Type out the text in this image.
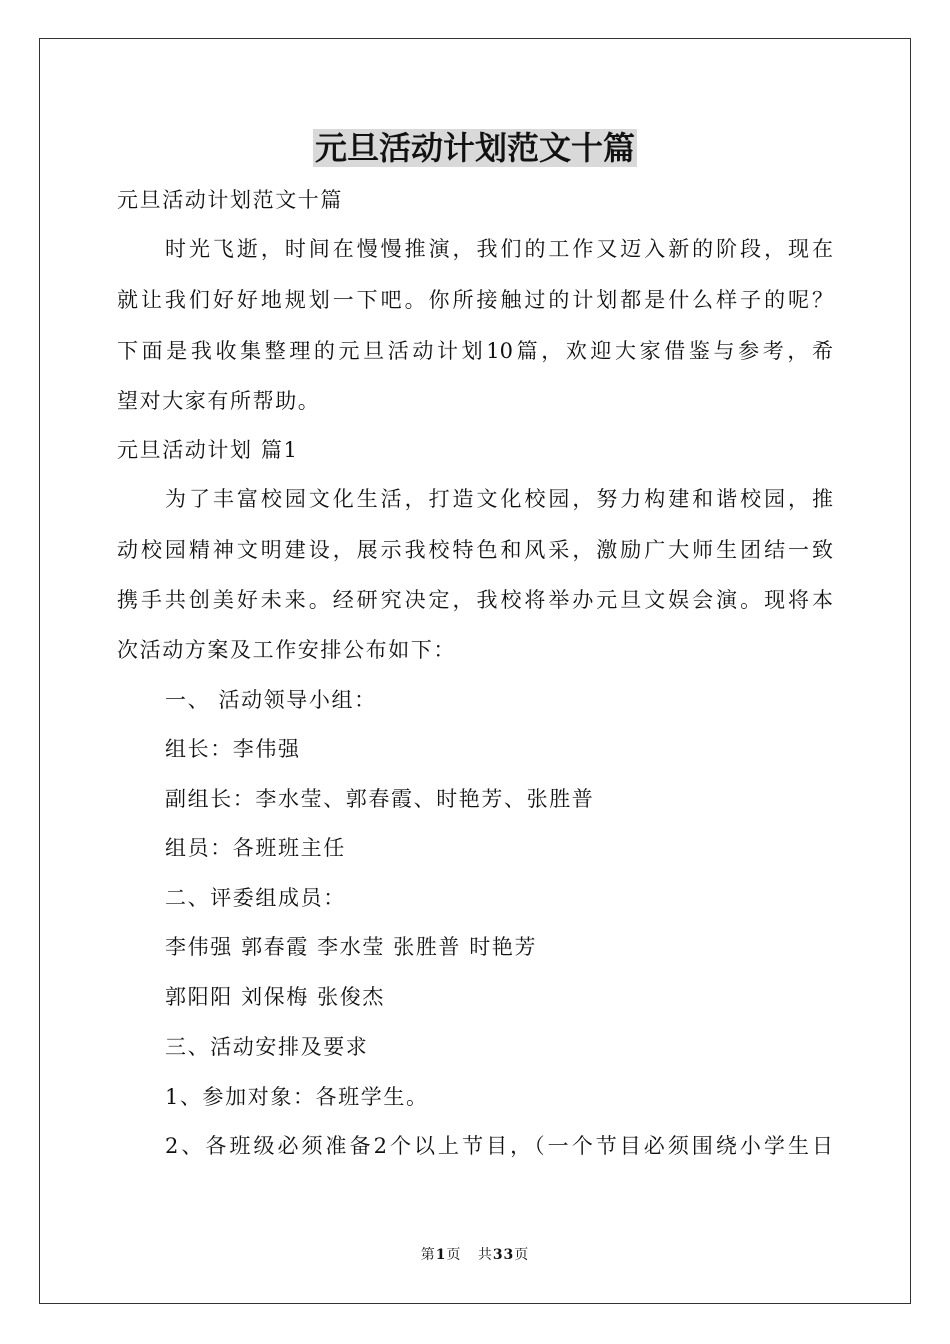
元旦活动计划范文十篇
元旦活动计划范文十篇
时光飞逝，时间在慢慢推演，我们的工作又迈入新的阶段，现在
就让我们好好地规划一下吧。你所接触过的计划都是什么样子的呢？
下面是我收集整理的元旦活动计划10篇，欢迎大家借鉴与参考，希
望对大家有所帮助。
元旦活动计划 篇1
为了丰富校园文化生活，打造文化校园，努力构建和谐校园，推
动校园精神文明建设，展示我校特色和风采，激励广大师生团结一致
携手共创美好未来。经研究决定，我校将举办元旦文娱会演。现将本
次活动方案及工作安排公布如下：
一、 活动领导小组：
组长：李伟强
副组长：李水莹、郭春霞、时艳芳、张胜普
组员：各班班主任
二、评委组成员：
李伟强 郭春霞 李水莹 张胜普 时艳芳
郭阳阳 刘保梅 张俊杰
三、活动安排及要求
1、参加对象：各班学生。
2、各班级必须准备2个以上节目，（一个节目必须围绕小学生日
第1页 共33页
